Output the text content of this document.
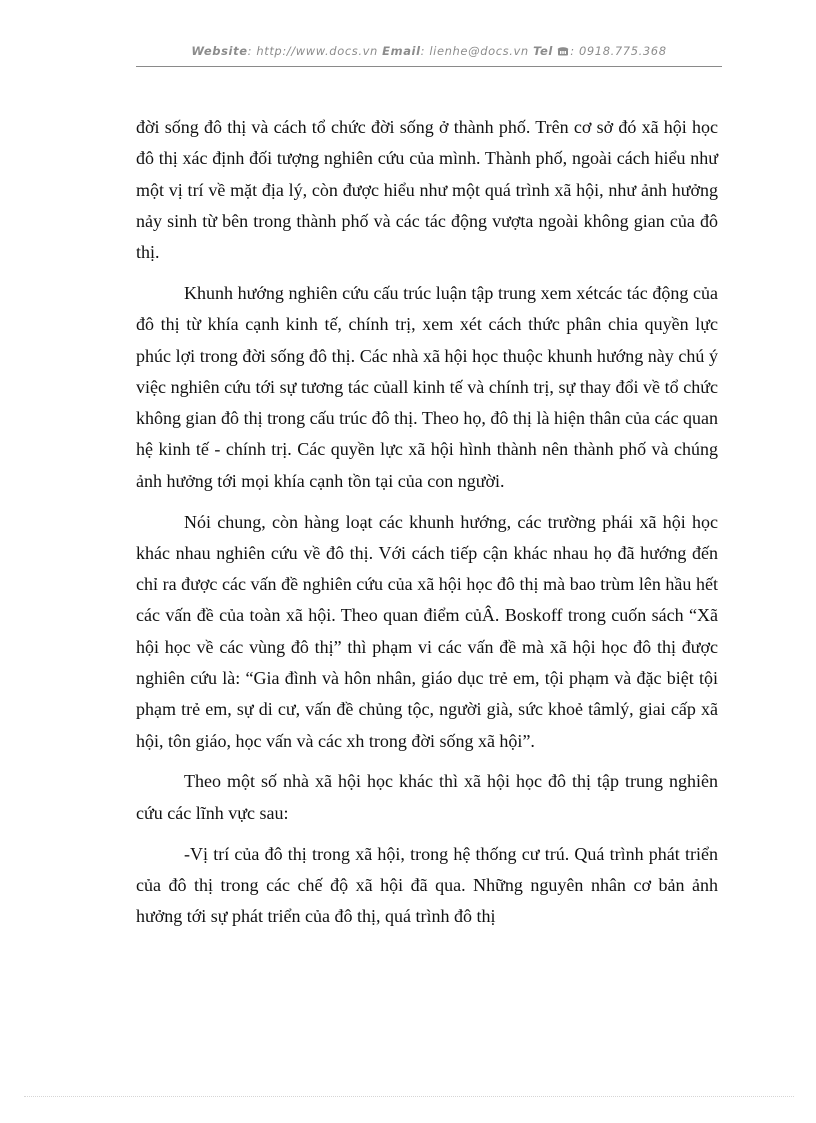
Website: http://www.docs.vn Email: lienhe@docs.vn Tel : 0918.775.368

đời sống đô thị và cách tổ chức đời sống ở thành phố. Trên cơ sở đó xã hội học đô thị xác định đối tượng nghiên cứu của mình. Thành phố, ngoài cách hiểu như một vị trí về mặt địa lý, còn được hiểu như một quá trình xã hội, như ảnh hưởng nảy sinh từ bên trong thành phố và các tác động vượta ngoài không gian của đô thị.

Khunh hướng nghiên cứu cấu trúc luận tập trung xem xétcác tác động của đô thị từ khía cạnh kinh tế, chính trị, xem xét cách thức phân chia quyền lực phúc lợi trong đời sống đô thị. Các nhà xã hội học thuộc khunh hướng này chú ý việc nghiên cứu tới sự tương tác củall kinh tế và chính trị, sự thay đổi về tổ chức không gian đô thị trong cấu trúc đô thị. Theo họ, đô thị là hiện thân của các quan hệ kinh tế - chính trị. Các quyền lực xã hội hình thành nên thành phố và chúng ảnh hưởng tới mọi khía cạnh tồn tại của con người.

Nói chung, còn hàng loạt các khunh hướng, các trường phái xã hội học khác nhau nghiên cứu về đô thị. Với cách tiếp cận khác nhau họ đã hướng đến chỉ ra được các vấn đề nghiên cứu của xã hội học đô thị mà bao trùm lên hầu hết các vấn đề của toàn xã hội. Theo quan điểm củÂ. Boskoff trong cuốn sách “Xã hội học về các vùng đô thị” thì phạm vi các vấn đề mà xã hội học đô thị được nghiên cứu là: “Gia đình và hôn nhân, giáo dục trẻ em, tội phạm và đặc biệt tội phạm trẻ em, sự di cư, vấn đề chủng tộc, người già, sức khoẻ tâmlý, giai cấp xã hội, tôn giáo, học vấn và các xh trong đời sống xã hội”.

Theo một số nhà xã hội học khác thì xã hội học đô thị tập trung nghiên cứu các lĩnh vực sau:

-Vị trí của đô thị trong xã hội, trong hệ thống cư trú. Quá trình phát triển của đô thị trong các chế độ xã hội đã qua. Những nguyên nhân cơ bản ảnh hưởng tới sự phát triển của đô thị, quá trình đô thị
